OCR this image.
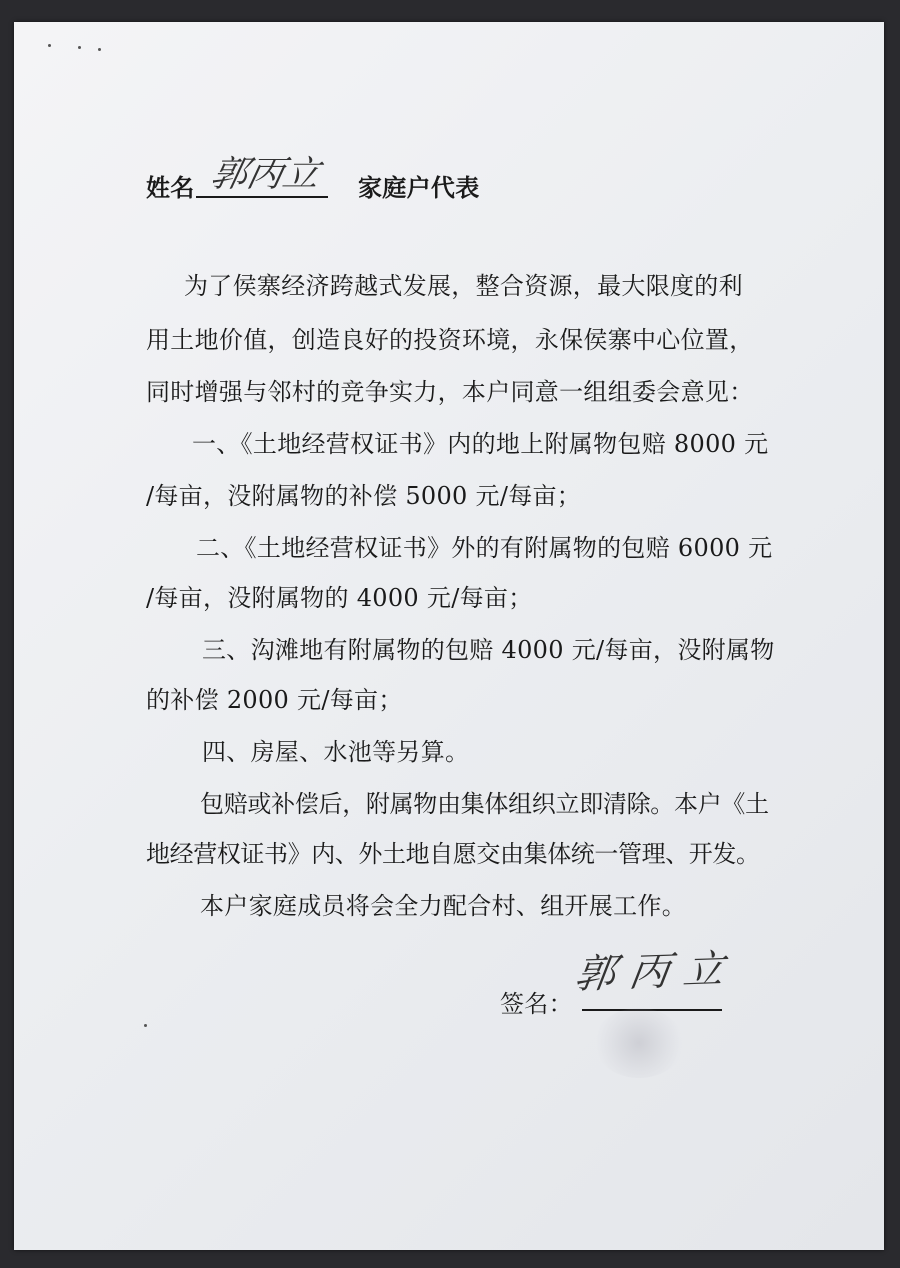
姓名 郭丙立 家庭户代表
为了侯寨经济跨越式发展，整合资源，最大限度的利
用土地价值，创造良好的投资环境，永保侯寨中心位置，
同时增强与邻村的竞争实力，本户同意一组组委会意见：
一、《土地经营权证书》内的地上附属物包赔 8000 元
/每亩，没附属物的补偿 5000 元/每亩；
二、《土地经营权证书》外的有附属物的包赔 6000 元
/每亩，没附属物的 4000 元/每亩；
三、沟滩地有附属物的包赔 4000 元/每亩，没附属物
的补偿 2000 元/每亩；
四、房屋、水池等另算。
包赔或补偿后，附属物由集体组织立即清除。本户《土
地经营权证书》内、外土地自愿交由集体统一管理、开发。
本户家庭成员将会全力配合村、组开展工作。
签名：
郭丙立
